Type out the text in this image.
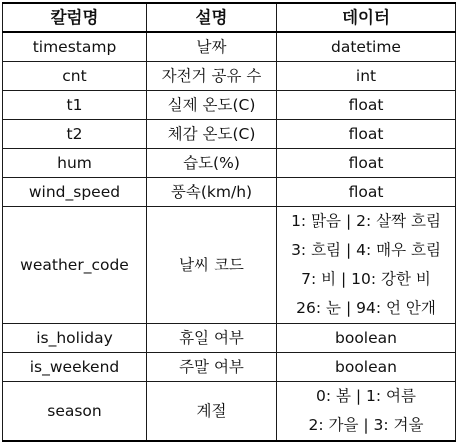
칼럼명	설명	데이터
timestamp	날짜	datetime
cnt	자전거 공유 수	int
t1	실제 온도(C)	float
t2	체감 온도(C)	float
hum	습도(%)	float
wind_speed	풍속(km/h)	float
weather_code	날씨 코드	1: 맑음 | 2: 살짝 흐림
3: 흐림 | 4: 매우 흐림
7: 비 | 10: 강한 비
26: 눈 | 94: 언 안개

is_holiday	휴일 여부	boolean
is_weekend	주말 여부	boolean
season	계절	0: 봄 | 1: 여름
2: 가을 | 3: 겨울
